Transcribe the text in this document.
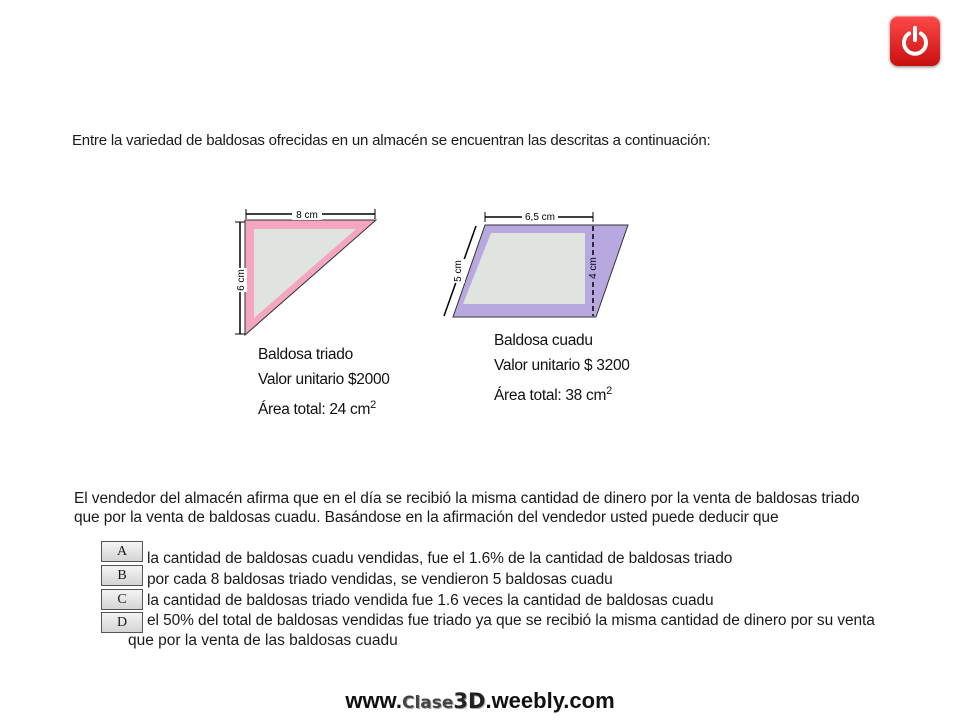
Entre la variedad de baldosas ofrecidas en un almacén se encuentran las descritas a continuación:
8 cm
6 cm
4 cm
6,5 cm
5 cm
Baldosa triado
Valor unitario $2000
Área total: 24 $cm^2$
Baldosa cuadu
Valor unitario $ 3200
Área total: 38 $cm^2$
El vendedor del almacén afirma que en el día se recibió la misma cantidad de dinero por la venta de baldosas triado que por la venta de baldosas cuadu. Basándose en la afirmación del vendedor usted puede deducir que
A	la cantidad de baldosas cuadu vendidas, fue el 1.6% de la cantidad de baldosas triado
B	por cada 8 baldosas triado vendidas, se vendieron 5 baldosas cuadu
C	la cantidad de baldosas triado vendida fue 1.6 veces la cantidad de baldosas cuadu
D	el 50% del total de baldosas vendidas fue triado ya que se recibió la misma cantidad de dinero por su venta
que por la venta de las baldosas cuadu
www.Clase3D.weebly.com
